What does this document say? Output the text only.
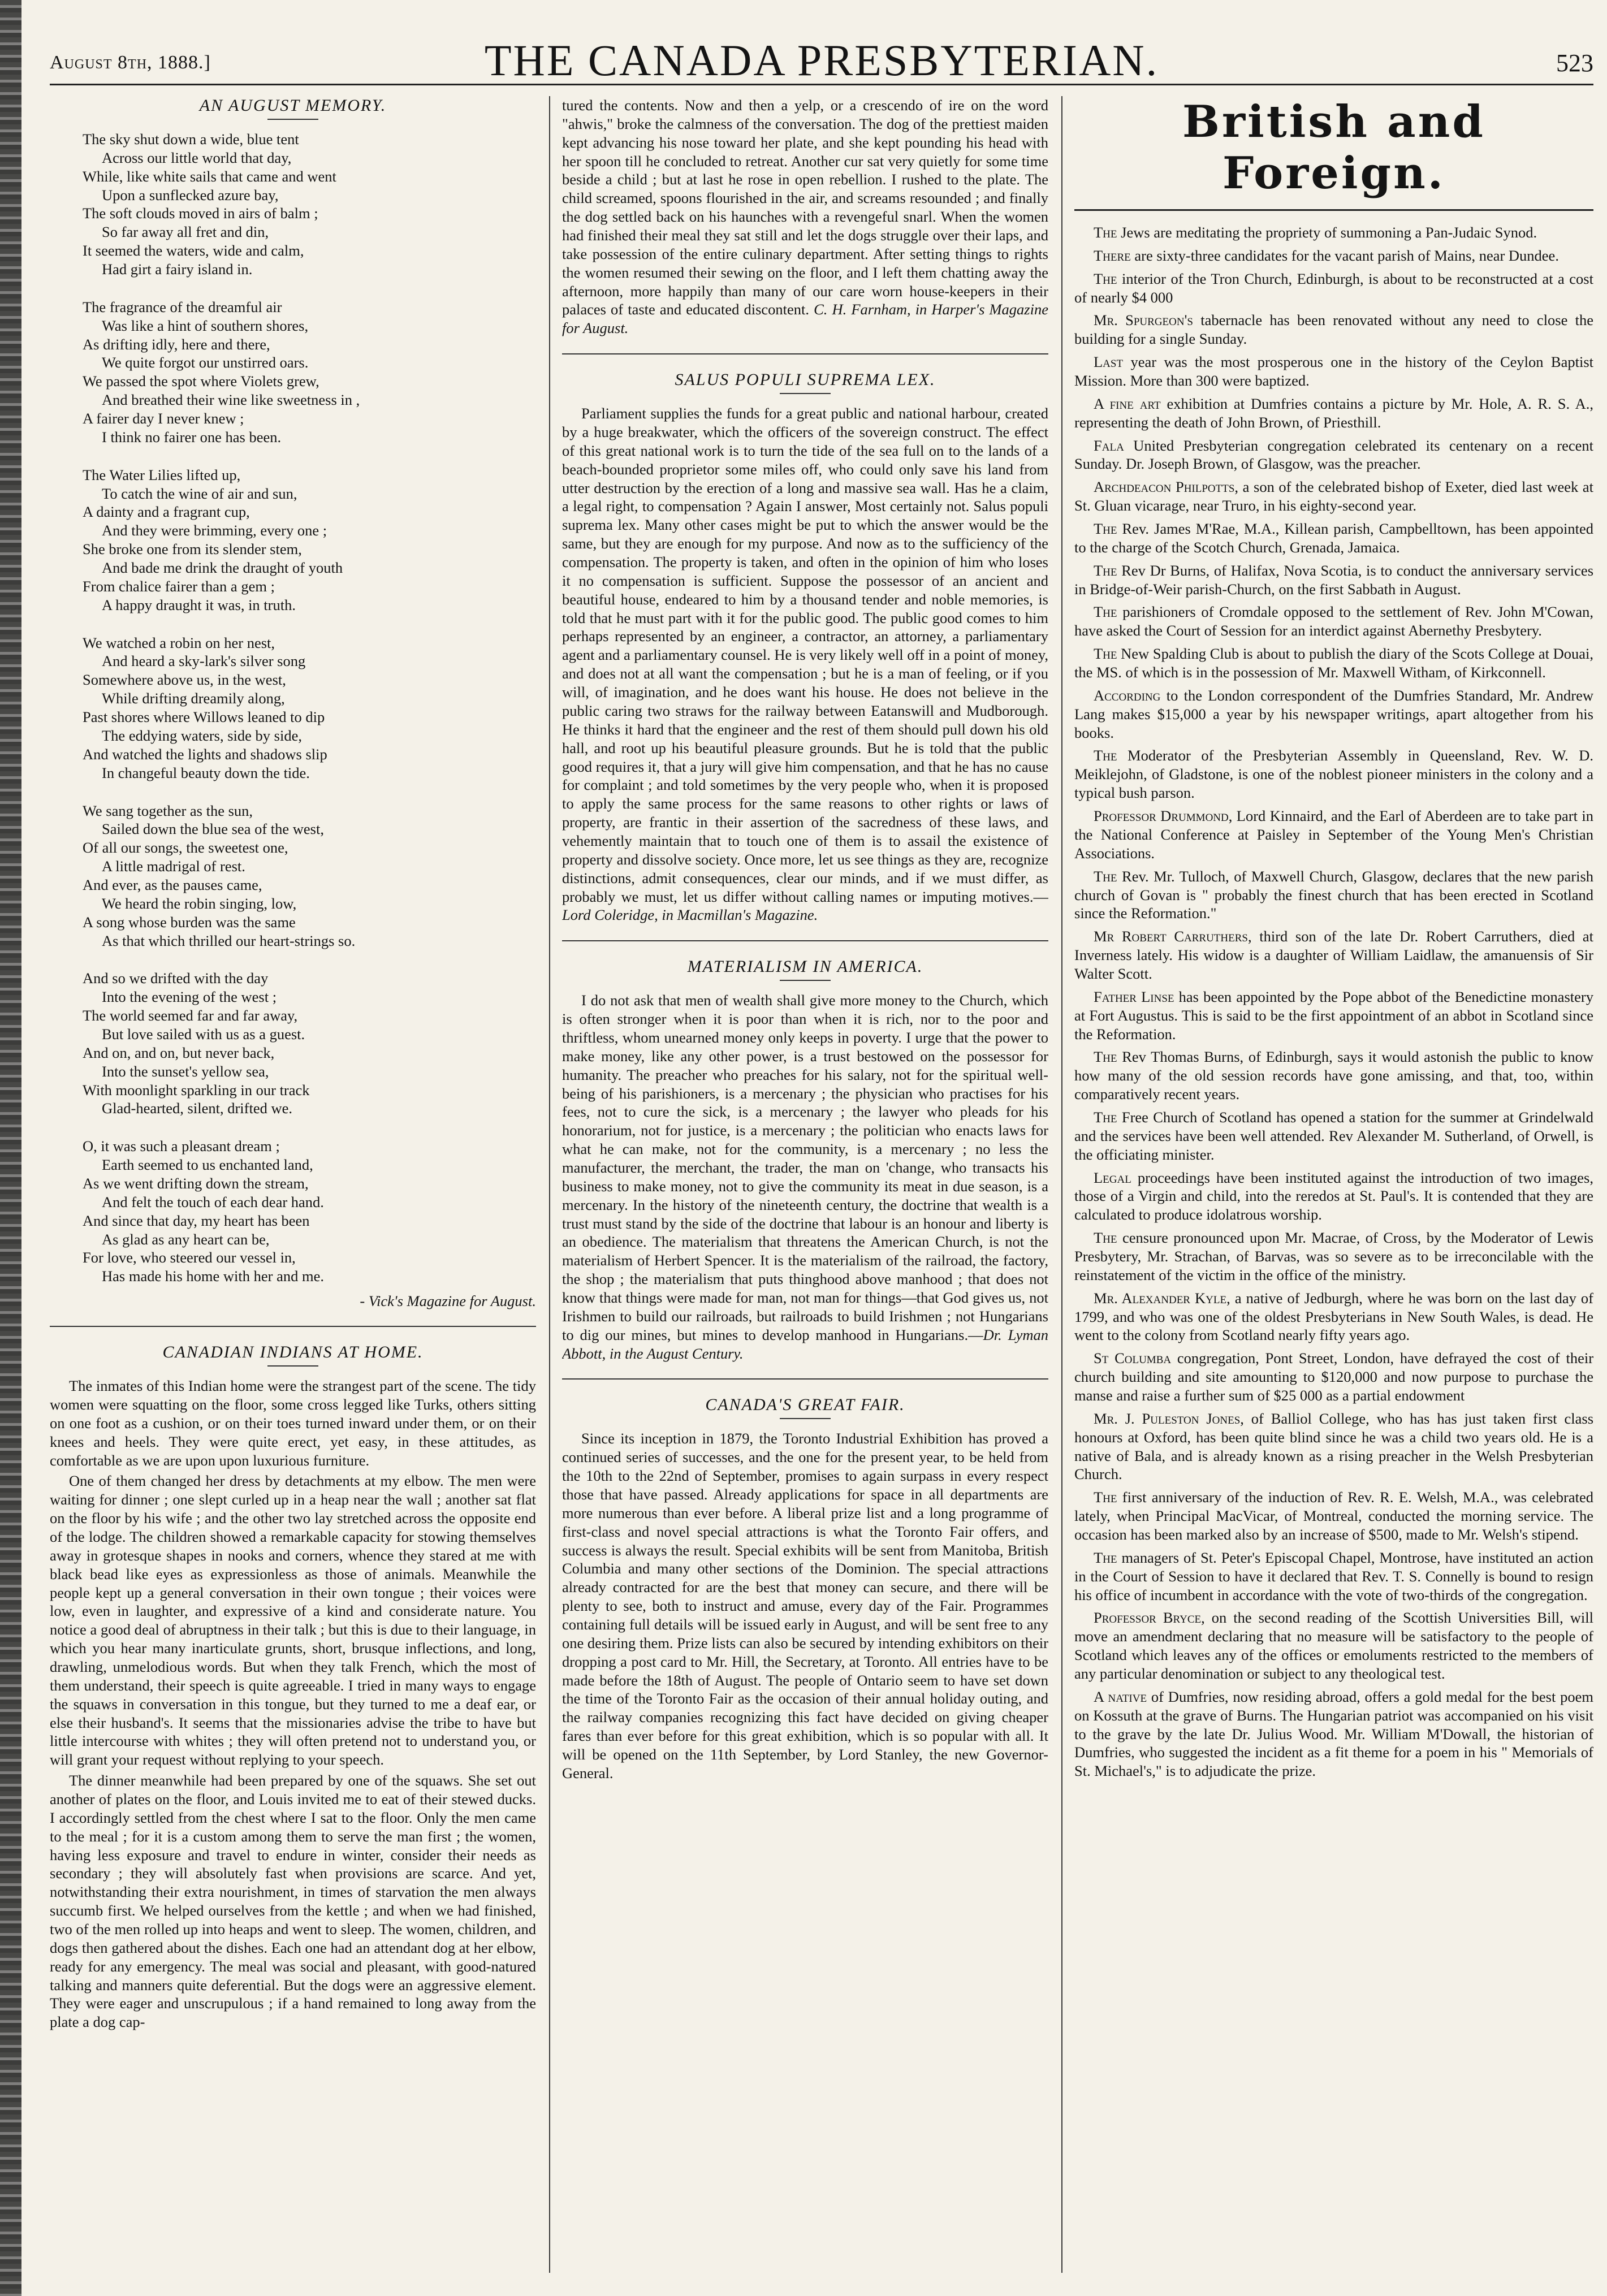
August 8th, 1888.]	THE CANADA PRESBYTERIAN.	523
AN AUGUST MEMORY.
The sky shut down a wide, blue tent
Across our little world that day,
While, like white sails that came and went
Upon a sunflecked azure bay,
The soft clouds moved in airs of balm ;
So far away all fret and din,
It seemed the waters, wide and calm,
Had girt a fairy island in.
The fragrance of the dreamful air
Was like a hint of southern shores,
As drifting idly, here and there,
We quite forgot our unstirred oars.
We passed the spot where Violets grew,
And breathed their wine like sweetness in ,
A fairer day I never knew ;
I think no fairer one has been.
The Water Lilies lifted up,
To catch the wine of air and sun,
A dainty and a fragrant cup,
And they were brimming, every one ;
She broke one from its slender stem,
And bade me drink the draught of youth
From chalice fairer than a gem ;
A happy draught it was, in truth.
We watched a robin on her nest,
And heard a sky-lark's silver song
Somewhere above us, in the west,
While drifting dreamily along,
Past shores where Willows leaned to dip
The eddying waters, side by side,
And watched the lights and shadows slip
In changeful beauty down the tide.
We sang together as the sun,
Sailed down the blue sea of the west,
Of all our songs, the sweetest one,
A little madrigal of rest.
And ever, as the pauses came,
We heard the robin singing, low,
A song whose burden was the same
As that which thrilled our heart-strings so.
And so we drifted with the day
Into the evening of the west ;
The world seemed far and far away,
But love sailed with us as a guest.
And on, and on, but never back,
Into the sunset's yellow sea,
With moonlight sparkling in our track
Glad-hearted, silent, drifted we.
O, it was such a pleasant dream ;
Earth seemed to us enchanted land,
As we went drifting down the stream,
And felt the touch of each dear hand.
And since that day, my heart has been
As glad as any heart can be,
For love, who steered our vessel in,
Has made his home with her and me.
- Vick's Magazine for August.
CANADIAN INDIANS AT HOME.

The inmates of this Indian home were the strangest part of the scene. The tidy women were squatting on the floor, some cross legged like Turks, others sitting on one foot as a cushion, or on their toes turned inward under them, or on their knees and heels. They were quite erect, yet easy, in these attitudes, as comfortable as we are upon upon luxurious furniture.

One of them changed her dress by detachments at my elbow. The men were waiting for dinner ; one slept curled up in a heap near the wall ; another sat flat on the floor by his wife ; and the other two lay stretched across the opposite end of the lodge. The children showed a remarkable capacity for stowing themselves away in grotesque shapes in nooks and corners, whence they stared at me with black bead like eyes as expressionless as those of animals. Meanwhile the people kept up a general conversation in their own tongue ; their voices were low, even in laughter, and expressive of a kind and considerate nature. You notice a good deal of abruptness in their talk ; but this is due to their language, in which you hear many inarticulate grunts, short, brusque inflections, and long, drawling, unmelodious words. But when they talk French, which the most of them understand, their speech is quite agreeable. I tried in many ways to engage the squaws in conversation in this tongue, but they turned to me a deaf ear, or else their husband's. It seems that the missionaries advise the tribe to have but little intercourse with whites ; they will often pretend not to understand you, or will grant your request without replying to your speech.

The dinner meanwhile had been prepared by one of the squaws. She set out another of plates on the floor, and Louis invited me to eat of their stewed ducks. I accordingly settled from the chest where I sat to the floor. Only the men came to the meal ; for it is a custom among them to serve the man first ; the women, having less exposure and travel to endure in winter, consider their needs as secondary ; they will absolutely fast when provisions are scarce. And yet, notwithstanding their extra nourishment, in times of starvation the men always succumb first. We helped ourselves from the kettle ; and when we had finished, two of the men rolled up into heaps and went to sleep. The women, children, and dogs then gathered about the dishes. Each one had an attendant dog at her elbow, ready for any emergency. The meal was social and pleasant, with good-natured talking and manners quite deferential. But the dogs were an aggressive element. They were eager and unscrupulous ; if a hand remained to long away from the plate a dog cap-

tured the contents. Now and then a yelp, or a crescendo of ire on the word "ahwis," broke the calmness of the conversation. The dog of the prettiest maiden kept advancing his nose toward her plate, and she kept pounding his head with her spoon till he concluded to retreat. Another cur sat very quietly for some time beside a child ; but at last he rose in open rebellion. I rushed to the plate. The child screamed, spoons flourished in the air, and screams resounded ; and finally the dog settled back on his haunches with a revengeful snarl. When the women had finished their meal they sat still and let the dogs struggle over their laps, and take possession of the entire culinary department. After setting things to rights the women resumed their sewing on the floor, and I left them chatting away the afternoon, more happily than many of our care worn house-keepers in their palaces of taste and educated discontent. C. H. Farnham, in Harper's Magazine for August.

SALUS POPULI SUPREMA LEX.

Parliament supplies the funds for a great public and national harbour, created by a huge breakwater, which the officers of the sovereign construct. The effect of this great national work is to turn the tide of the sea full on to the lands of a beach-bounded proprietor some miles off, who could only save his land from utter destruction by the erection of a long and massive sea wall. Has he a claim, a legal right, to compensation ? Again I answer, Most certainly not. Salus populi suprema lex. Many other cases might be put to which the answer would be the same, but they are enough for my purpose. And now as to the sufficiency of the compensation. The property is taken, and often in the opinion of him who loses it no compensation is sufficient. Suppose the possessor of an ancient and beautiful house, endeared to him by a thousand tender and noble memories, is told that he must part with it for the public good. The public good comes to him perhaps represented by an engineer, a contractor, an attorney, a parliamentary agent and a parliamentary counsel. He is very likely well off in a point of money, and does not at all want the compensation ; but he is a man of feeling, or if you will, of imagination, and he does want his house. He does not believe in the public caring two straws for the railway between Eatanswill and Mudborough. He thinks it hard that the engineer and the rest of them should pull down his old hall, and root up his beautiful pleasure grounds. But he is told that the public good requires it, that a jury will give him compensation, and that he has no cause for complaint ; and told sometimes by the very people who, when it is proposed to apply the same process for the same reasons to other rights or laws of property, are frantic in their assertion of the sacredness of these laws, and vehemently maintain that to touch one of them is to assail the existence of property and dissolve society. Once more, let us see things as they are, recognize distinctions, admit consequences, clear our minds, and if we must differ, as probably we must, let us differ without calling names or imputing motives.—Lord Coleridge, in Macmillan's Magazine.

MATERIALISM IN AMERICA.

I do not ask that men of wealth shall give more money to the Church, which is often stronger when it is poor than when it is rich, nor to the poor and thriftless, whom unearned money only keeps in poverty. I urge that the power to make money, like any other power, is a trust bestowed on the possessor for humanity. The preacher who preaches for his salary, not for the spiritual well-being of his parishioners, is a mercenary ; the physician who practises for his fees, not to cure the sick, is a mercenary ; the lawyer who pleads for his honorarium, not for justice, is a mercenary ; the politician who enacts laws for what he can make, not for the community, is a mercenary ; no less the manufacturer, the merchant, the trader, the man on 'change, who transacts his business to make money, not to give the community its meat in due season, is a mercenary. In the history of the nineteenth century, the doctrine that wealth is a trust must stand by the side of the doctrine that labour is an honour and liberty is an obedience. The materialism that threatens the American Church, is not the materialism of Herbert Spencer. It is the materialism of the railroad, the factory, the shop ; the materialism that puts thinghood above manhood ; that does not know that things were made for man, not man for things—that God gives us, not Irishmen to build our railroads, but railroads to build Irishmen ; not Hungarians to dig our mines, but mines to develop manhood in Hungarians.—Dr. Lyman Abbott, in the August Century.

CANADA'S GREAT FAIR.

Since its inception in 1879, the Toronto Industrial Exhibition has proved a continued series of successes, and the one for the present year, to be held from the 10th to the 22nd of September, promises to again surpass in every respect those that have passed. Already applications for space in all departments are more numerous than ever before. A liberal prize list and a long programme of first-class and novel special attractions is what the Toronto Fair offers, and success is always the result. Special exhibits will be sent from Manitoba, British Columbia and many other sections of the Dominion. The special attractions already contracted for are the best that money can secure, and there will be plenty to see, both to instruct and amuse, every day of the Fair. Programmes containing full details will be issued early in August, and will be sent free to any one desiring them. Prize lists can also be secured by intending exhibitors on their dropping a post card to Mr. Hill, the Secretary, at Toronto. All entries have to be made before the 18th of August. The people of Ontario seem to have set down the time of the Toronto Fair as the occasion of their annual holiday outing, and the railway companies recognizing this fact have decided on giving cheaper fares than ever before for this great exhibition, which is so popular with all. It will be opened on the 11th September, by Lord Stanley, the new Governor-General.

British and Foreign.

The Jews are meditating the propriety of summoning a Pan-Judaic Synod.

There are sixty-three candidates for the vacant parish of Mains, near Dundee.

The interior of the Tron Church, Edinburgh, is about to be reconstructed at a cost of nearly $4 000

Mr. Spurgeon's tabernacle has been renovated without any need to close the building for a single Sunday.

Last year was the most prosperous one in the history of the Ceylon Baptist Mission. More than 300 were baptized.

A fine art exhibition at Dumfries contains a picture by Mr. Hole, A. R. S. A., representing the death of John Brown, of Priesthill.

Fala United Presbyterian congregation celebrated its centenary on a recent Sunday. Dr. Joseph Brown, of Glasgow, was the preacher.

Archdeacon Philpotts, a son of the celebrated bishop of Exeter, died last week at St. Gluan vicarage, near Truro, in his eighty-second year.

The Rev. James M'Rae, M.A., Killean parish, Campbelltown, has been appointed to the charge of the Scotch Church, Grenada, Jamaica.

The Rev Dr Burns, of Halifax, Nova Scotia, is to conduct the anniversary services in Bridge-of-Weir parish-Church, on the first Sabbath in August.

The parishioners of Cromdale opposed to the settlement of Rev. John M'Cowan, have asked the Court of Session for an interdict against Abernethy Presbytery.

The New Spalding Club is about to publish the diary of the Scots College at Douai, the MS. of which is in the possession of Mr. Maxwell Witham, of Kirkconnell.

According to the London correspondent of the Dumfries Standard, Mr. Andrew Lang makes $15,000 a year by his newspaper writings, apart altogether from his books.

The Moderator of the Presbyterian Assembly in Queensland, Rev. W. D. Meiklejohn, of Gladstone, is one of the noblest pioneer ministers in the colony and a typical bush parson.

Professor Drummond, Lord Kinnaird, and the Earl of Aberdeen are to take part in the National Conference at Paisley in September of the Young Men's Christian Associations.

The Rev. Mr. Tulloch, of Maxwell Church, Glasgow, declares that the new parish church of Govan is " probably the finest church that has been erected in Scotland since the Reformation."

Mr Robert Carruthers, third son of the late Dr. Robert Carruthers, died at Inverness lately. His widow is a daughter of William Laidlaw, the amanuensis of Sir Walter Scott.

Father Linse has been appointed by the Pope abbot of the Benedictine monastery at Fort Augustus. This is said to be the first appointment of an abbot in Scotland since the Reformation.

The Rev Thomas Burns, of Edinburgh, says it would astonish the public to know how many of the old session records have gone amissing, and that, too, within comparatively recent years.

The Free Church of Scotland has opened a station for the summer at Grindelwald and the services have been well attended. Rev Alexander M. Sutherland, of Orwell, is the officiating minister.

Legal proceedings have been instituted against the introduction of two images, those of a Virgin and child, into the reredos at St. Paul's. It is contended that they are calculated to produce idolatrous worship.

The censure pronounced upon Mr. Macrae, of Cross, by the Moderator of Lewis Presbytery, Mr. Strachan, of Barvas, was so severe as to be irreconcilable with the reinstatement of the victim in the office of the ministry.

Mr. Alexander Kyle, a native of Jedburgh, where he was born on the last day of 1799, and who was one of the oldest Presbyterians in New South Wales, is dead. He went to the colony from Scotland nearly fifty years ago.

St Columba congregation, Pont Street, London, have defrayed the cost of their church building and site amounting to $120,000 and now purpose to purchase the manse and raise a further sum of $25 000 as a partial endowment

Mr. J. Puleston Jones, of Balliol College, who has has just taken first class honours at Oxford, has been quite blind since he was a child two years old. He is a native of Bala, and is already known as a rising preacher in the Welsh Presbyterian Church.

The first anniversary of the induction of Rev. R. E. Welsh, M.A., was celebrated lately, when Principal MacVicar, of Montreal, conducted the morning service. The occasion has been marked also by an increase of $500, made to Mr. Welsh's stipend.

The managers of St. Peter's Episcopal Chapel, Montrose, have instituted an action in the Court of Session to have it declared that Rev. T. S. Connelly is bound to resign his office of incumbent in accordance with the vote of two-thirds of the congregation.

Professor Bryce, on the second reading of the Scottish Universities Bill, will move an amendment declaring that no measure will be satisfactory to the people of Scotland which leaves any of the offices or emoluments restricted to the members of any particular denomination or subject to any theological test.

A native of Dumfries, now residing abroad, offers a gold medal for the best poem on Kossuth at the grave of Burns. The Hungarian patriot was accompanied on his visit to the grave by the late Dr. Julius Wood. Mr. William M'Dowall, the historian of Dumfries, who suggested the incident as a fit theme for a poem in his " Memorials of St. Michael's," is to adjudicate the prize.
